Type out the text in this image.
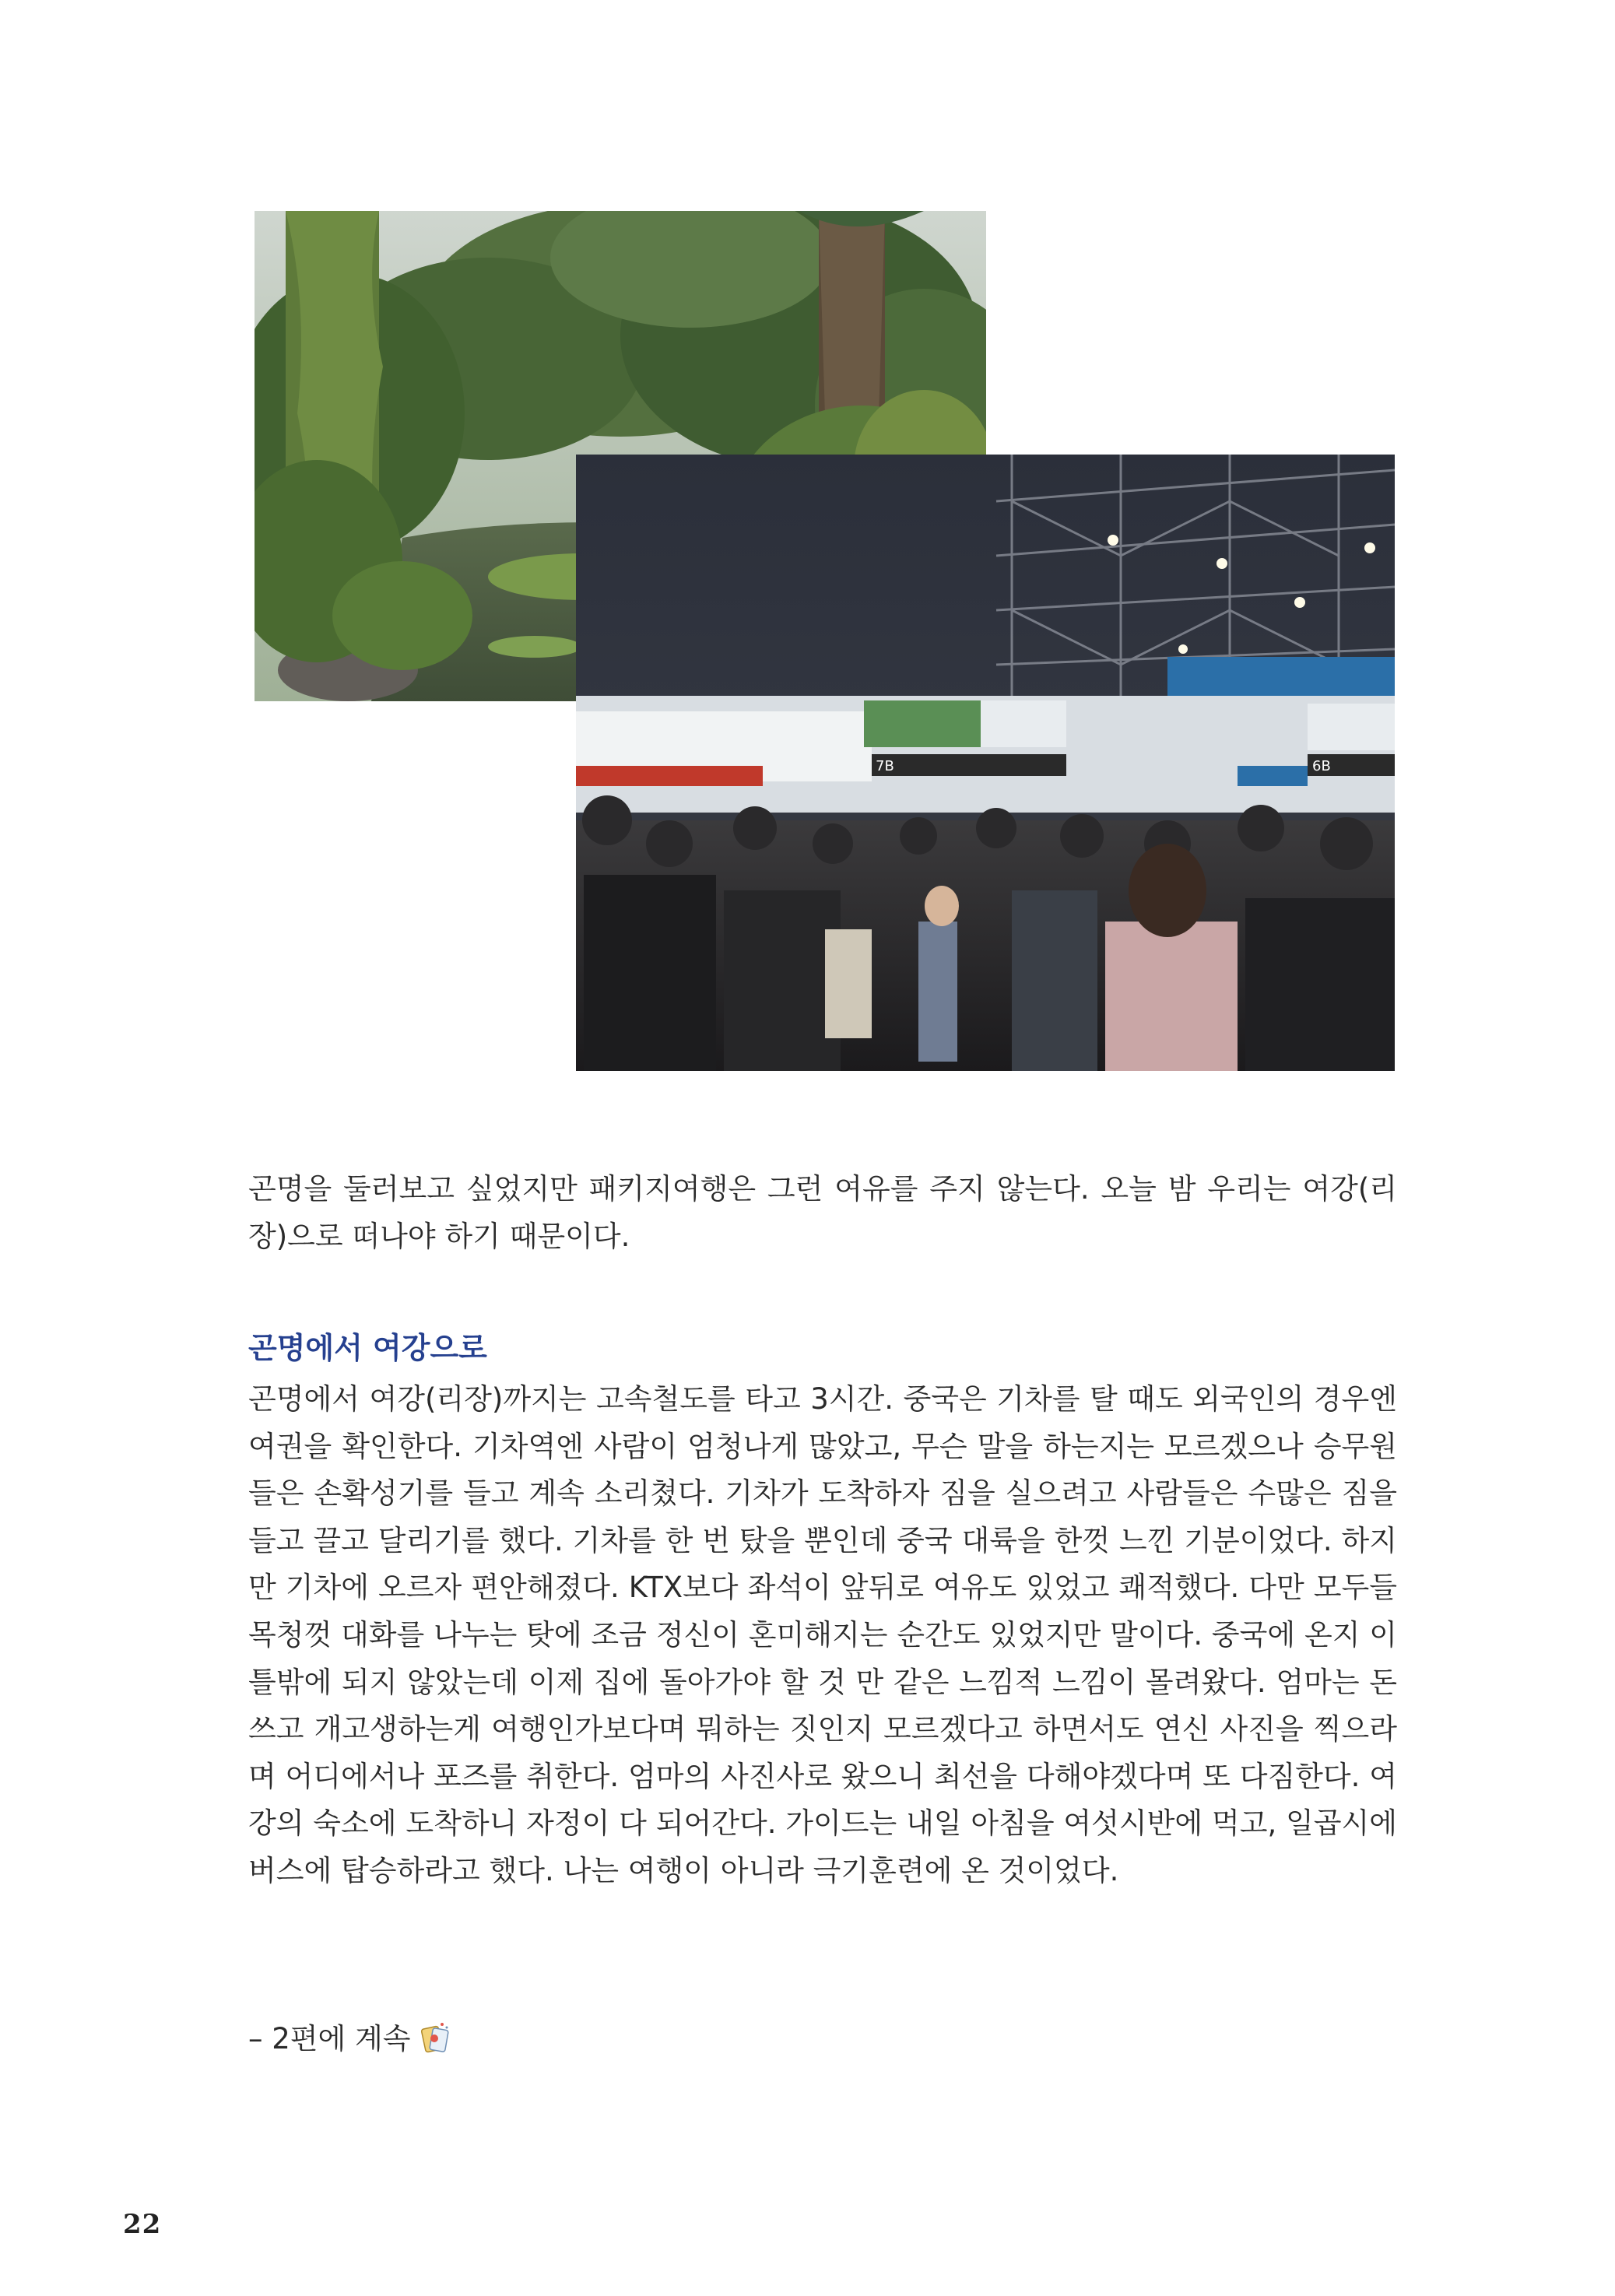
7B	6B

곤명을 둘러보고 싶었지만 패키지여행은 그런 여유를 주지 않는다. 오늘 밤 우리는 여강(리장)으로 떠나야 하기 때문이다.

곤명에서 여강으로

곤명에서 여강(리장)까지는 고속철도를 타고 3시간. 중국은 기차를 탈 때도 외국인의 경우엔 여권을 확인한다. 기차역엔 사람이 엄청나게 많았고, 무슨 말을 하는지는 모르겠으나 승무원들은 손확성기를 들고 계속 소리쳤다. 기차가 도착하자 짐을 실으려고 사람들은 수많은 짐을 들고 끌고 달리기를 했다. 기차를 한 번 탔을 뿐인데 중국 대륙을 한껏 느낀 기분이었다. 하지만 기차에 오르자 편안해졌다. KTX보다 좌석이 앞뒤로 여유도 있었고 쾌적했다. 다만 모두들 목청껏 대화를 나누는 탓에 조금 정신이 혼미해지는 순간도 있었지만 말이다. 중국에 온지 이틀밖에 되지 않았는데 이제 집에 돌아가야 할 것 만 같은 느낌적 느낌이 몰려왔다. 엄마는 돈쓰고 개고생하는게 여행인가보다며 뭐하는 짓인지 모르겠다고 하면서도 연신 사진을 찍으라며 어디에서나 포즈를 취한다. 엄마의 사진사로 왔으니 최선을 다해야겠다며 또 다짐한다. 여강의 숙소에 도착하니 자정이 다 되어간다. 가이드는 내일 아침을 여섯시반에 먹고, 일곱시에 버스에 탑승하라고 했다. 나는 여행이 아니라 극기훈련에 온 것이었다.

– 2편에 계속
22
